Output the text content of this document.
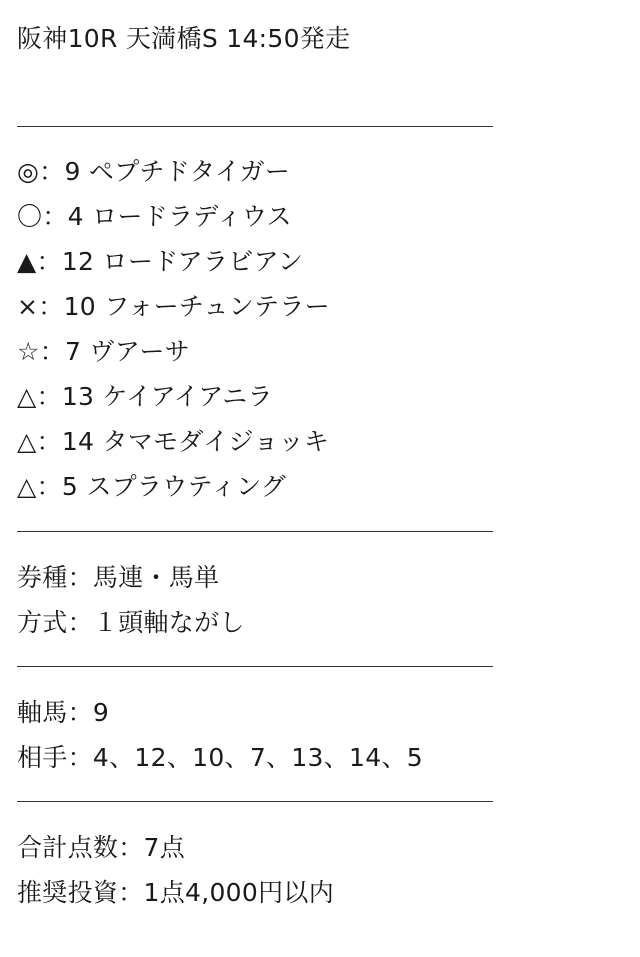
阪神10R 天満橋S 14:50発走
◎：9 ペプチドタイガー
〇：4 ロードラディウス
▲：12 ロードアラビアン
×：10 フォーチュンテラー
☆：7 ヴアーサ
△：13 ケイアイアニラ
△：14 タマモダイジョッキ
△：5 スプラウティング
券種：馬連・馬単
方式：１頭軸ながし
軸馬：9
相手：4、12、10、7、13、14、5
合計点数：7点
推奨投資：1点4,000円以内
